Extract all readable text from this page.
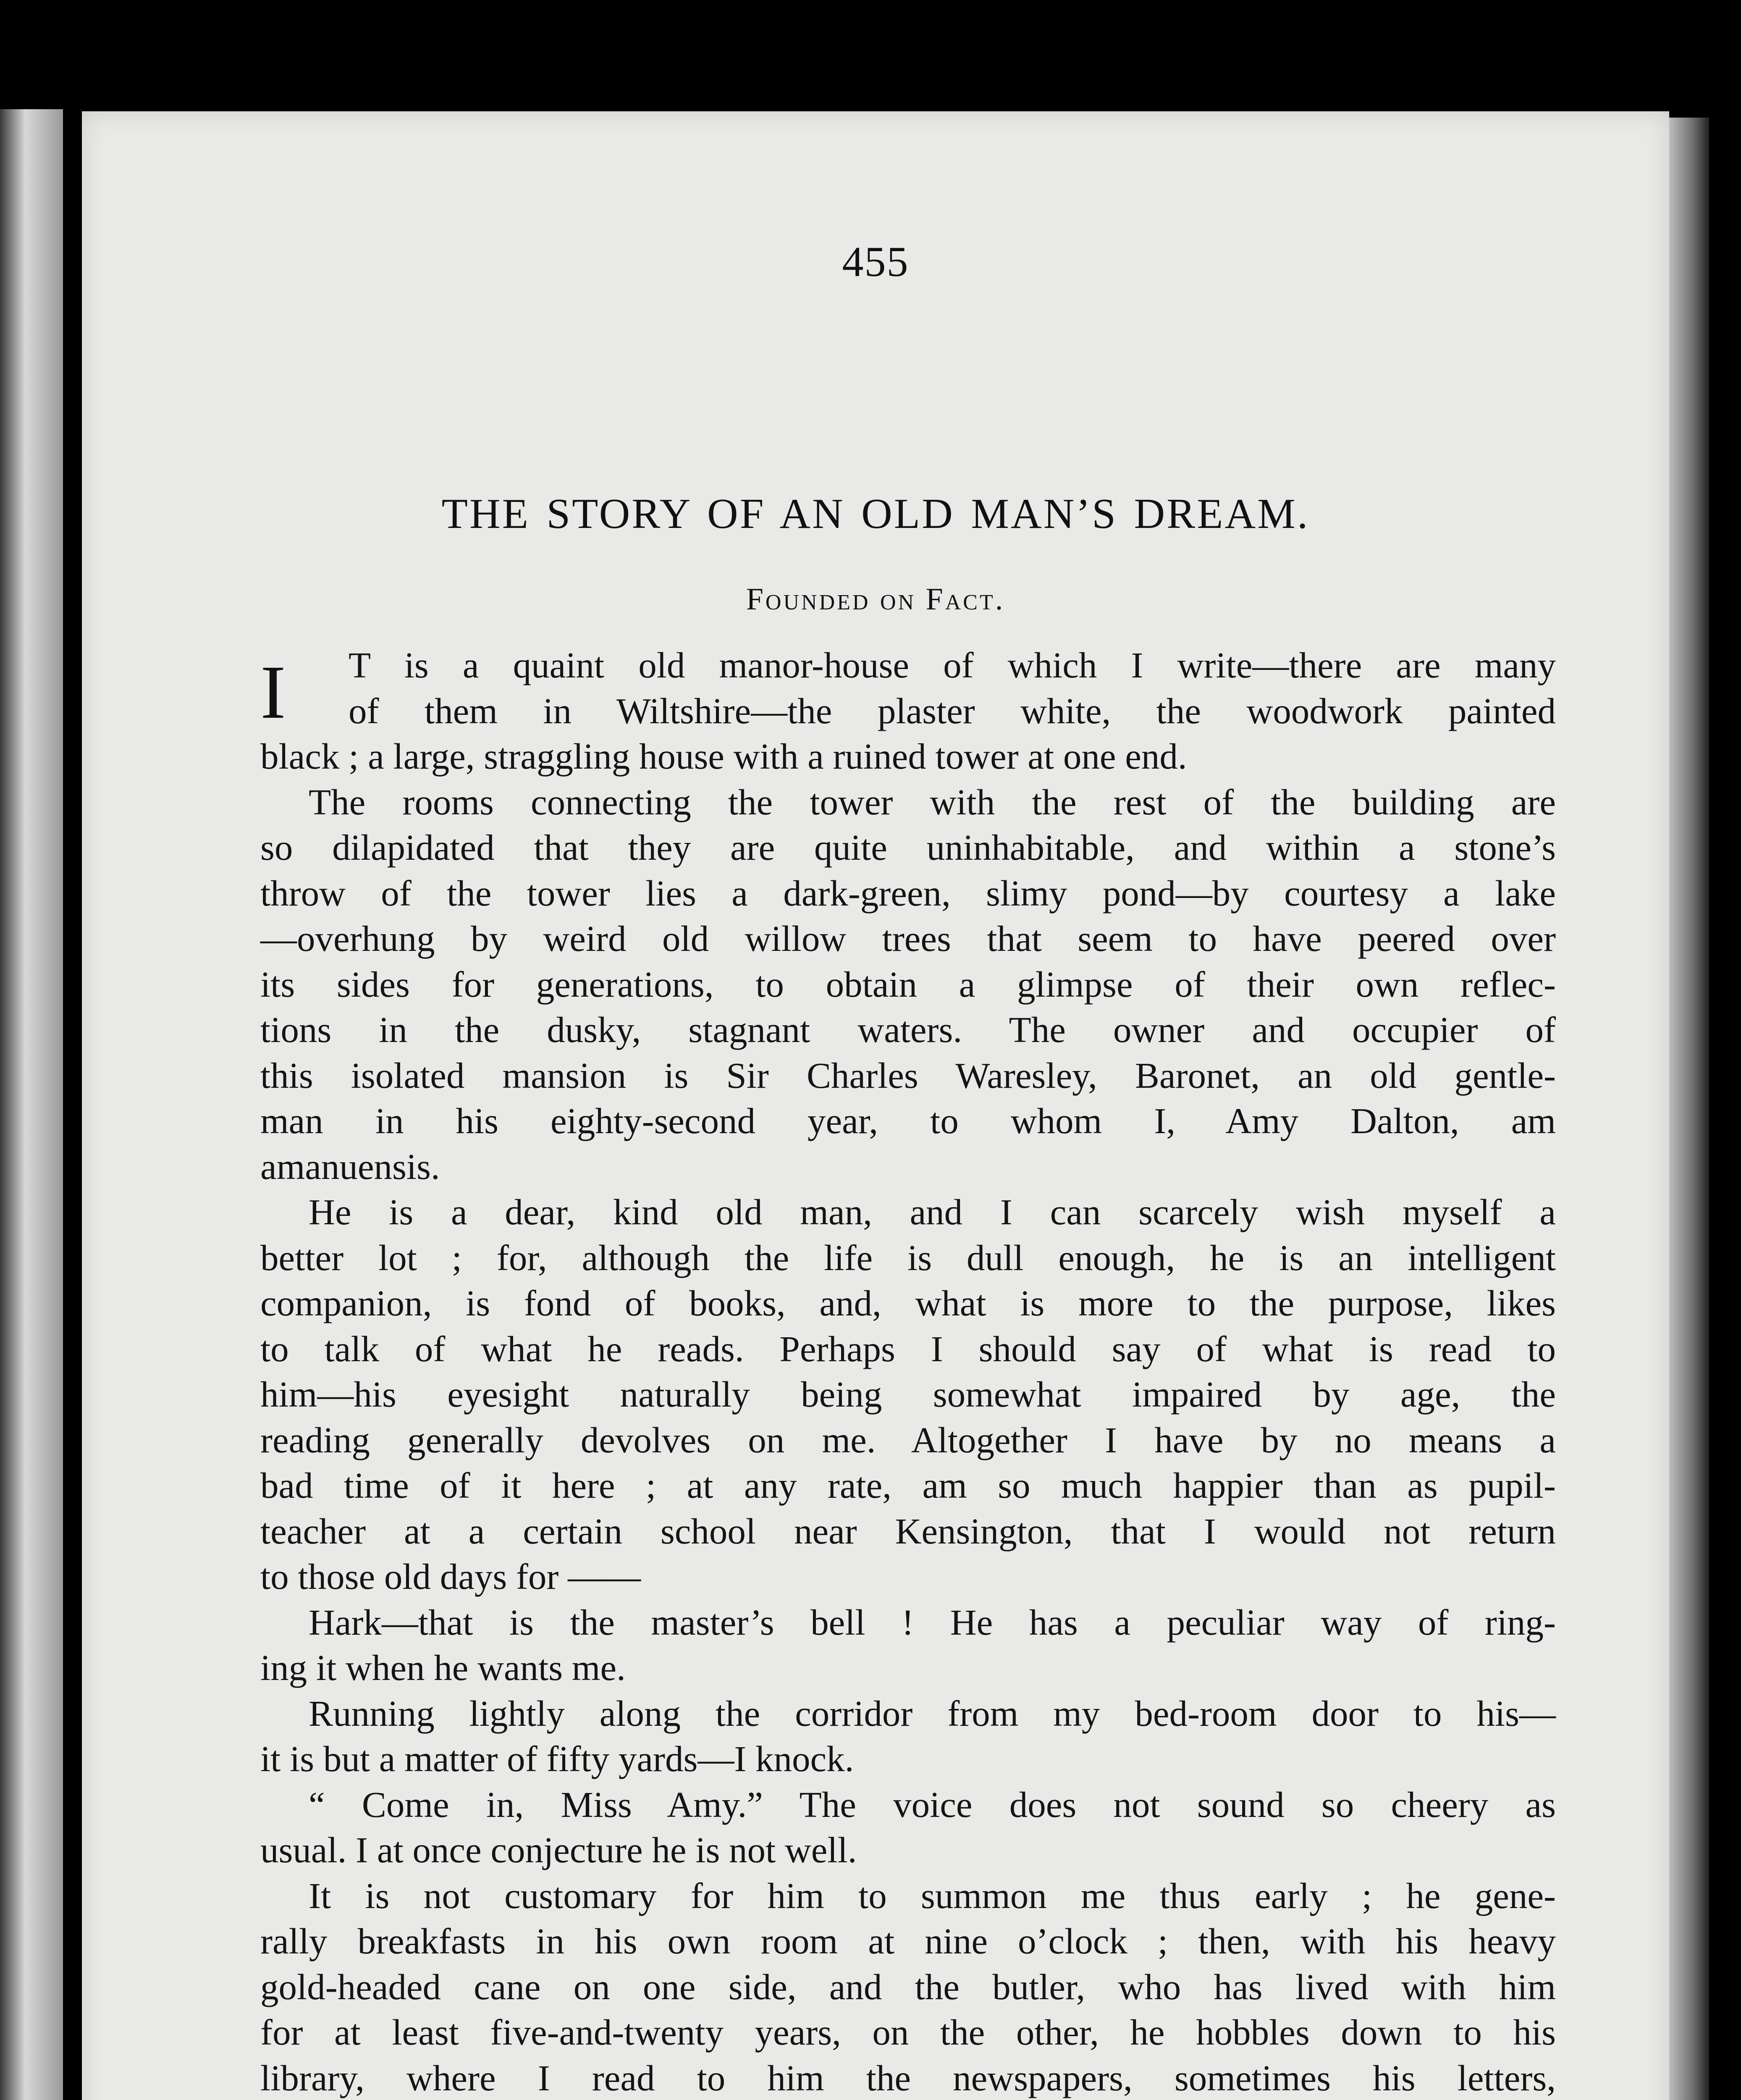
455
THE STORY OF AN OLD MAN’S DREAM.
Founded on Fact.
I	T is a quaint old manor-house of which I write—there are many
of them in Wiltshire—the plaster white, the woodwork painted
black ; a large, straggling house with a ruined tower at one end.
The rooms connecting the tower with the rest of the building are
so dilapidated that they are quite uninhabitable, and within a stone’s
throw of the tower lies a dark-green, slimy pond—by courtesy a lake
—overhung by weird old willow trees that seem to have peered over
its sides for generations, to obtain a glimpse of their own reflec-
tions in the dusky, stagnant waters. The owner and occupier of
this isolated mansion is Sir Charles Waresley, Baronet, an old gentle-
man in his eighty-second year, to whom I, Amy Dalton, am
amanuensis.
He is a dear, kind old man, and I can scarcely wish myself a
better lot ; for, although the life is dull enough, he is an intelligent
companion, is fond of books, and, what is more to the purpose, likes
to talk of what he reads. Perhaps I should say of what is read to
him—his eyesight naturally being somewhat impaired by age, the
reading generally devolves on me. Altogether I have by no means a
bad time of it here ; at any rate, am so much happier than as pupil-
teacher at a certain school near Kensington, that I would not return
to those old days for ——
Hark—that is the master’s bell ! He has a peculiar way of ring-
ing it when he wants me.
Running lightly along the corridor from my bed-room door to his—
it is but a matter of fifty yards—I knock.
“ Come in, Miss Amy.” The voice does not sound so cheery as
usual. I at once conjecture he is not well.
It is not customary for him to summon me thus early ; he gene-
rally breakfasts in his own room at nine o’clock ; then, with his heavy
gold-headed cane on one side, and the butler, who has lived with him
for at least five-and-twenty years, on the other, he hobbles down to his
library, where I read to him the newspapers, sometimes his letters,
